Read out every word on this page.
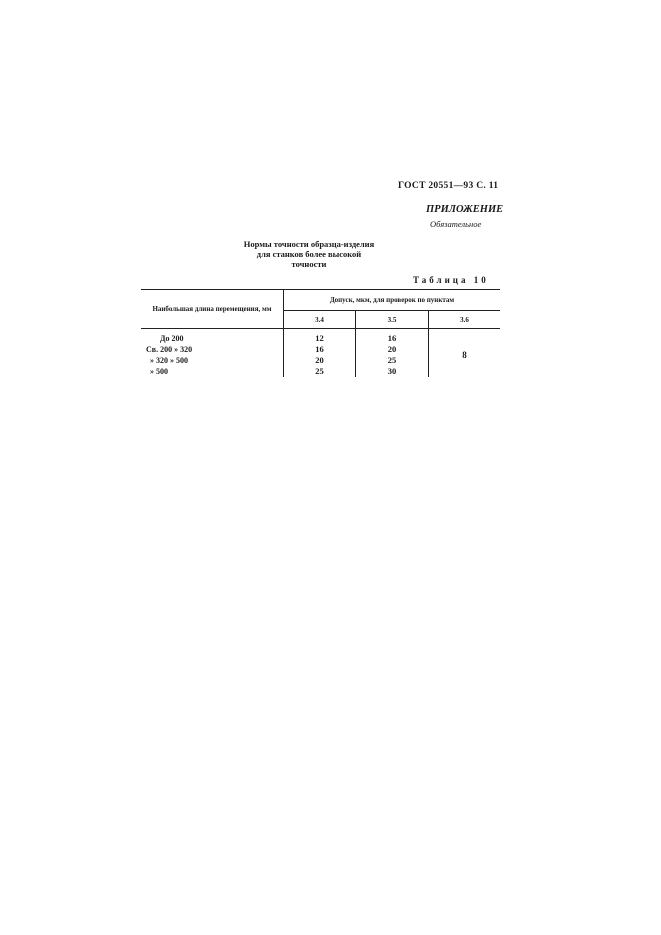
ГОСТ 20551—93 С. 11
ПРИЛОЖЕНИЕ
Обязательное
Нормы точности образца-изделия
для станков более высокой
точности
Таблица 10
Наибольшая длина перемещения, мм	Допуск, мкм, для проверок по пунктам		
	3.4	3.5	3.6
До 200	12	16	8
Св. 200 » 320	16	20	
» 320 » 500	20	25	
» 500	25	30	
